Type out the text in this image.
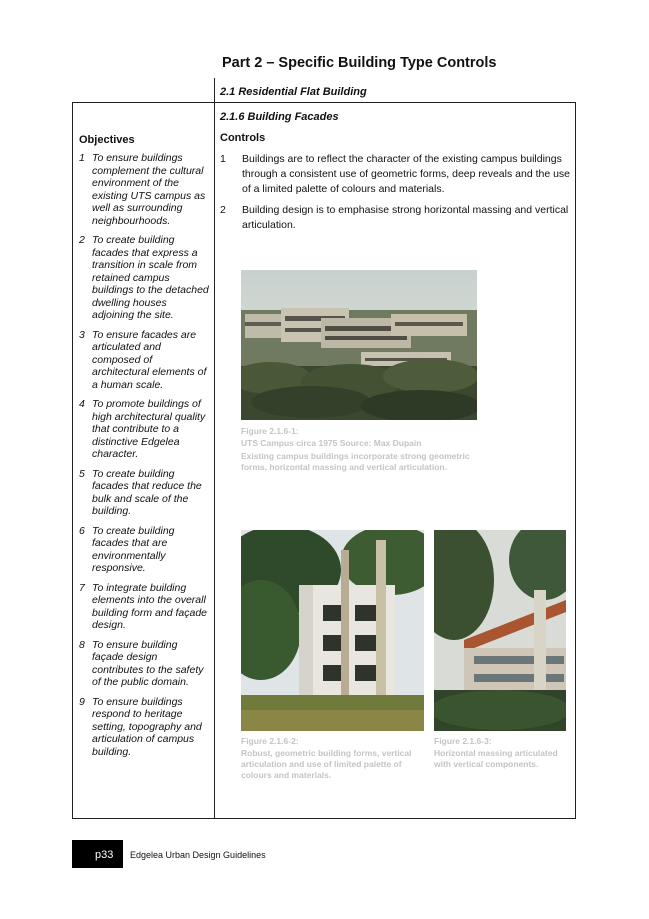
Part 2 – Specific Building Type Controls
2.1 Residential Flat Building
2.1.6 Building Facades
Controls
Objectives
1 To ensure buildings complement the cultural environment of the existing UTS campus as well as surrounding neighbourhoods.
2 To create building facades that express a transition in scale from retained campus buildings to the detached dwelling houses adjoining the site.
3 To ensure facades are articulated and composed of architectural elements of a human scale.
4 To promote buildings of high architectural quality that contribute to a distinctive Edgelea character.
5 To create building facades that reduce the bulk and scale of the building.
6 To create building facades that are environmentally responsive.
7 To integrate building elements into the overall building form and façade design.
8 To ensure building façade design contributes to the safety of the public domain.
9 To ensure buildings respond to heritage setting, topography and articulation of campus building.
1 Buildings are to reflect the character of the existing campus buildings through a consistent use of geometric forms, deep reveals and the use of a limited palette of colours and materials.
2 Building design is to emphasise strong horizontal massing and vertical articulation.
Figure 2.1.6-1:
UTS Campus circa 1975 Source: Max Dupain
Existing campus buildings incorporate strong geometric forms, horizontal massing and vertical articulation.
Figure 2.1.6-2:
Robust, geometric building forms, vertical articulation and use of limited palette of colours and materials.
Figure 2.1.6-3:
Horizontal massing articulated with vertical components.
p33 Edgelea Urban Design Guidelines
